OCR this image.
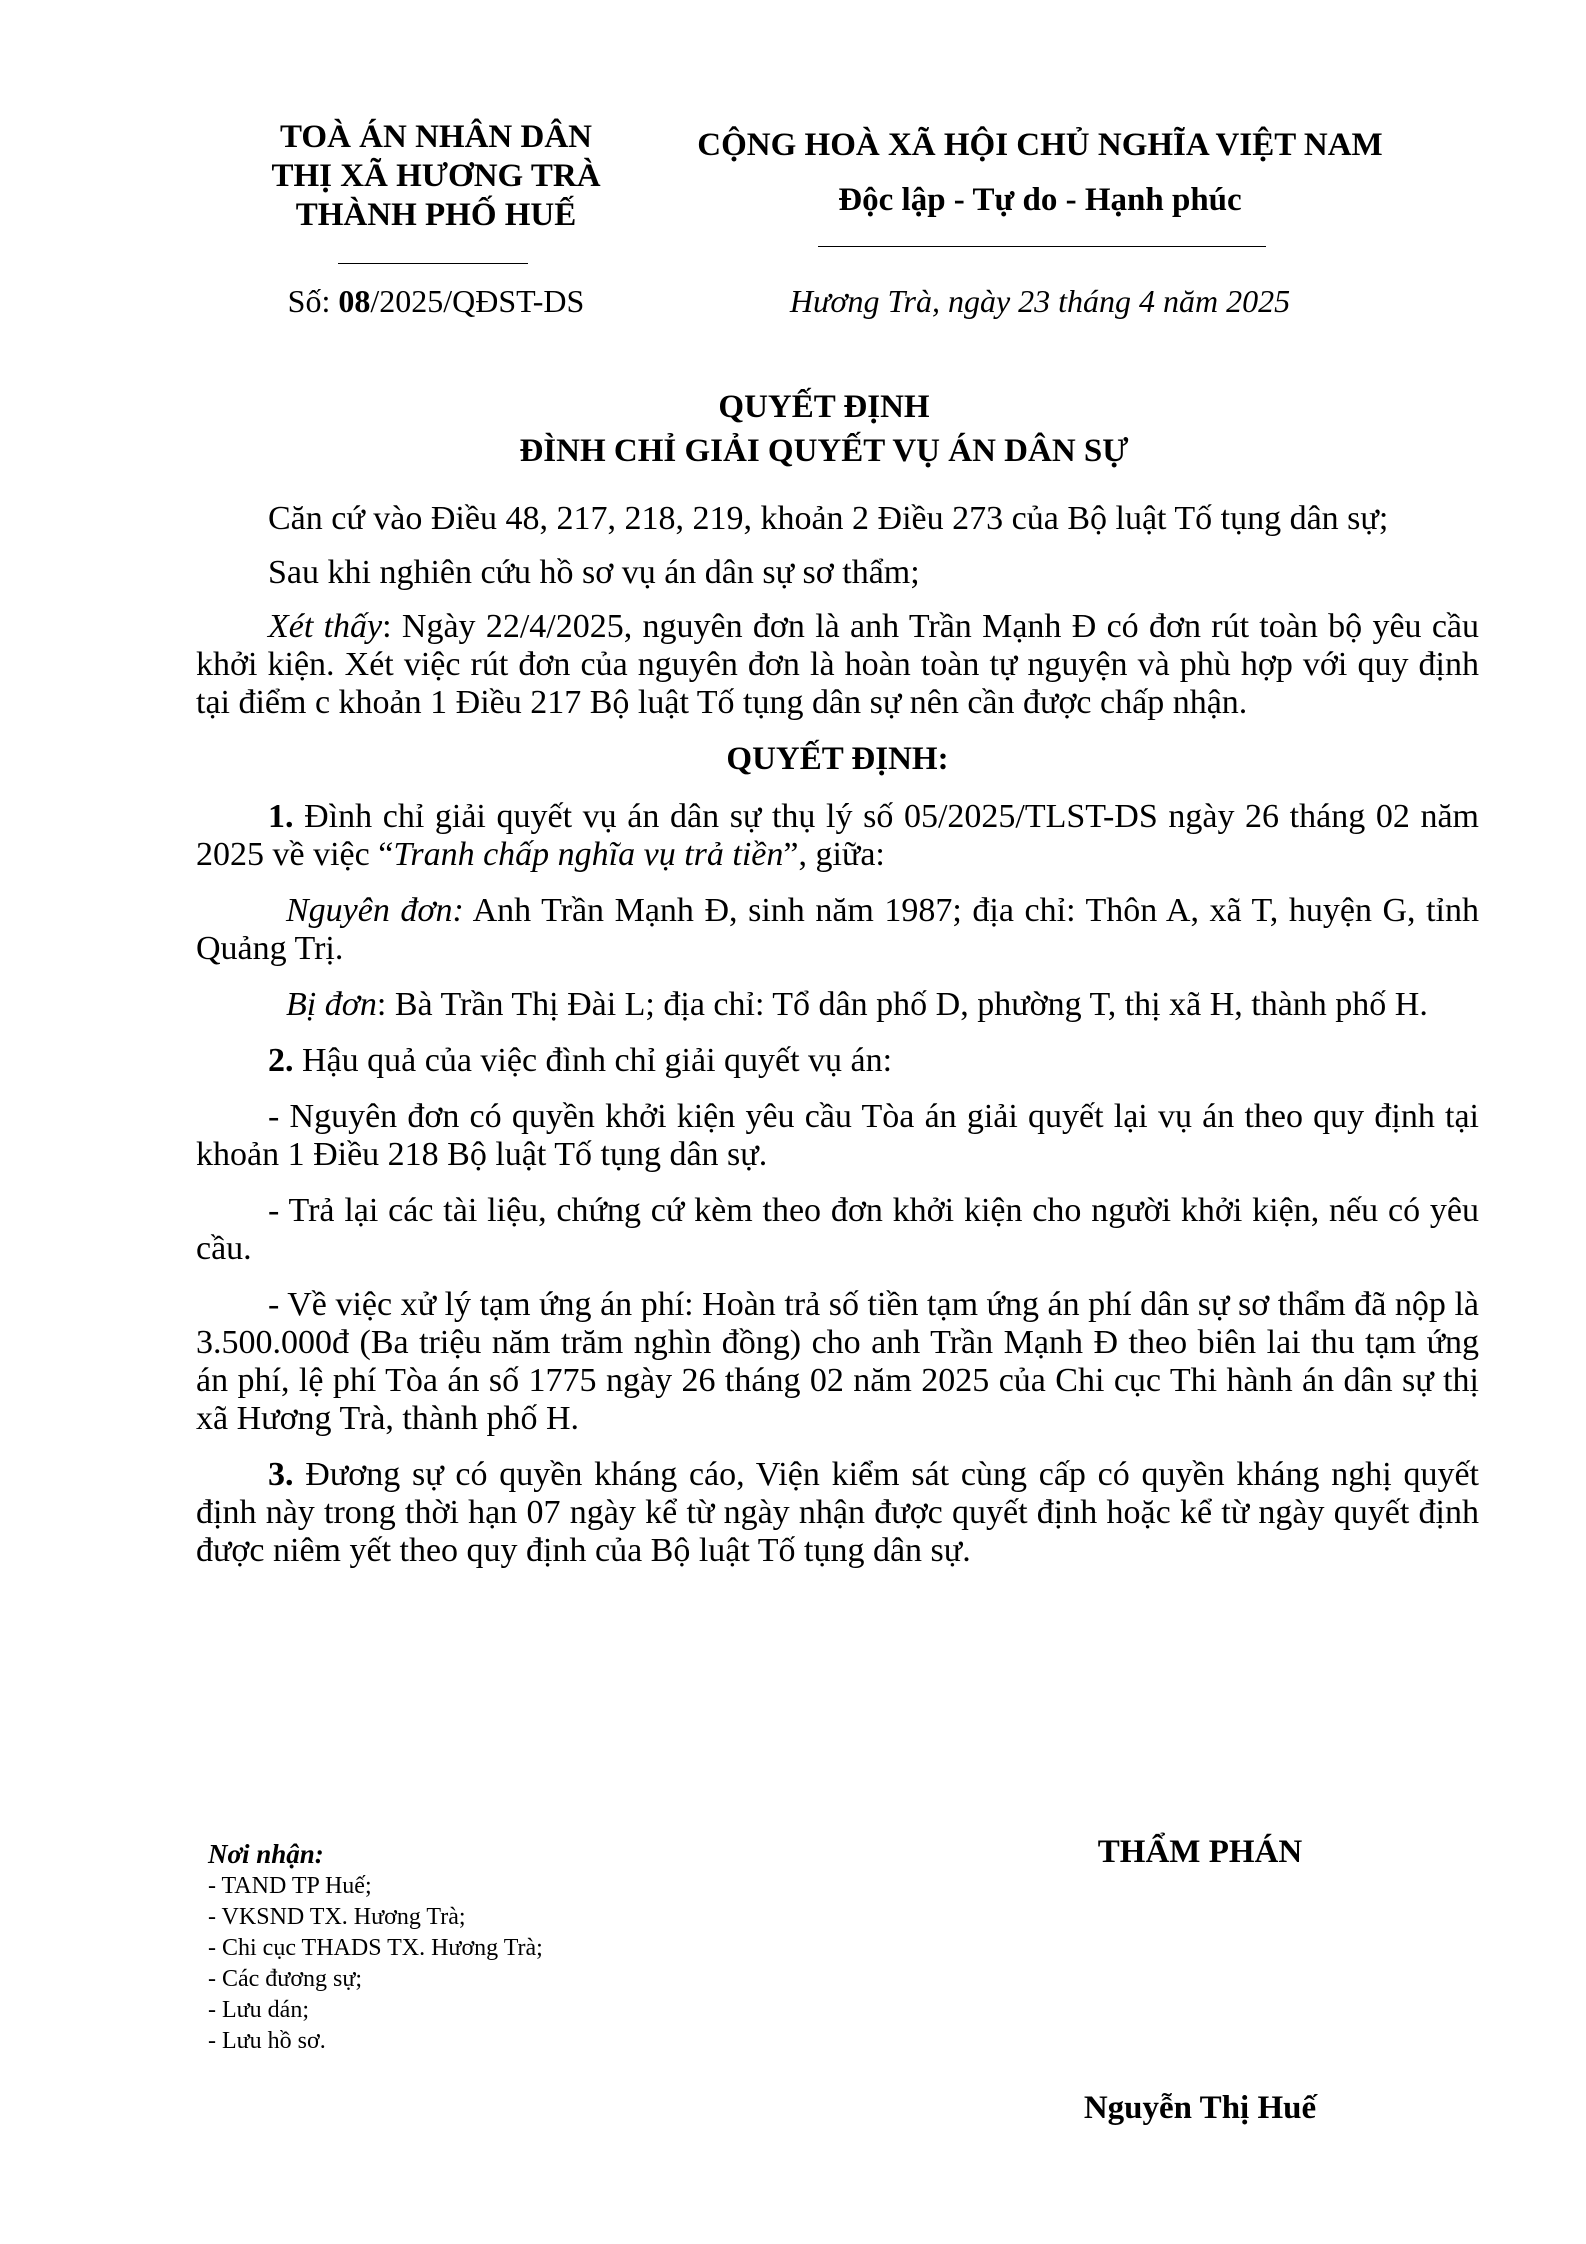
TOÀ ÁN NHÂN DÂN
THỊ XÃ HƯƠNG TRÀ
THÀNH PHỐ HUẾ
CỘNG HOÀ XÃ HỘI CHỦ NGHĨA VIỆT NAM
Độc lập - Tự do - Hạnh phúc
Số: 08/2025/QĐST-DS	Hương Trà, ngày 23 tháng 4 năm 2025
QUYẾT ĐỊNH
ĐÌNH CHỈ GIẢI QUYẾT VỤ ÁN DÂN SỰ

Căn cứ vào Điều 48, 217, 218, 219, khoản 2 Điều 273 của Bộ luật Tố tụng dân sự;

Sau khi nghiên cứu hồ sơ vụ án dân sự sơ thẩm;

Xét thấy: Ngày 22/4/2025, nguyên đơn là anh Trần Mạnh Đ có đơn rút toàn bộ yêu cầu khởi kiện. Xét việc rút đơn của nguyên đơn là hoàn toàn tự nguyện và phù hợp với quy định tại điểm c khoản 1 Điều 217 Bộ luật Tố tụng dân sự nên cần được chấp nhận.

QUYẾT ĐỊNH:

1. Đình chỉ giải quyết vụ án dân sự thụ lý số 05/2025/TLST-DS ngày 26 tháng 02 năm 2025 về việc “Tranh chấp nghĩa vụ trả tiền”, giữa:

Nguyên đơn: Anh Trần Mạnh Đ, sinh năm 1987; địa chỉ: Thôn A, xã T, huyện G, tỉnh Quảng Trị.

Bị đơn: Bà Trần Thị Đài L; địa chỉ: Tổ dân phố D, phường T, thị xã H, thành phố H.

2. Hậu quả của việc đình chỉ giải quyết vụ án:

- Nguyên đơn có quyền khởi kiện yêu cầu Tòa án giải quyết lại vụ án theo quy định tại khoản 1 Điều 218 Bộ luật Tố tụng dân sự.

- Trả lại các tài liệu, chứng cứ kèm theo đơn khởi kiện cho người khởi kiện, nếu có yêu cầu.

- Về việc xử lý tạm ứng án phí: Hoàn trả số tiền tạm ứng án phí dân sự sơ thẩm đã nộp là 3.500.000đ (Ba triệu năm trăm nghìn đồng) cho anh Trần Mạnh Đ theo biên lai thu tạm ứng án phí, lệ phí Tòa án số 1775 ngày 26 tháng 02 năm 2025 của Chi cục Thi hành án dân sự thị xã Hương Trà, thành phố H.

3. Đương sự có quyền kháng cáo, Viện kiểm sát cùng cấp có quyền kháng nghị quyết định này trong thời hạn 07 ngày kể từ ngày nhận được quyết định hoặc kể từ ngày quyết định được niêm yết theo quy định của Bộ luật Tố tụng dân sự.

Nơi nhận:
- TAND TP Huế;
- VKSND TX. Hương Trà;
- Chi cục THADS TX. Hương Trà;
- Các đương sự;
- Lưu dán;
- Lưu hồ sơ.
THẨM PHÁN
Nguyễn Thị Huế
